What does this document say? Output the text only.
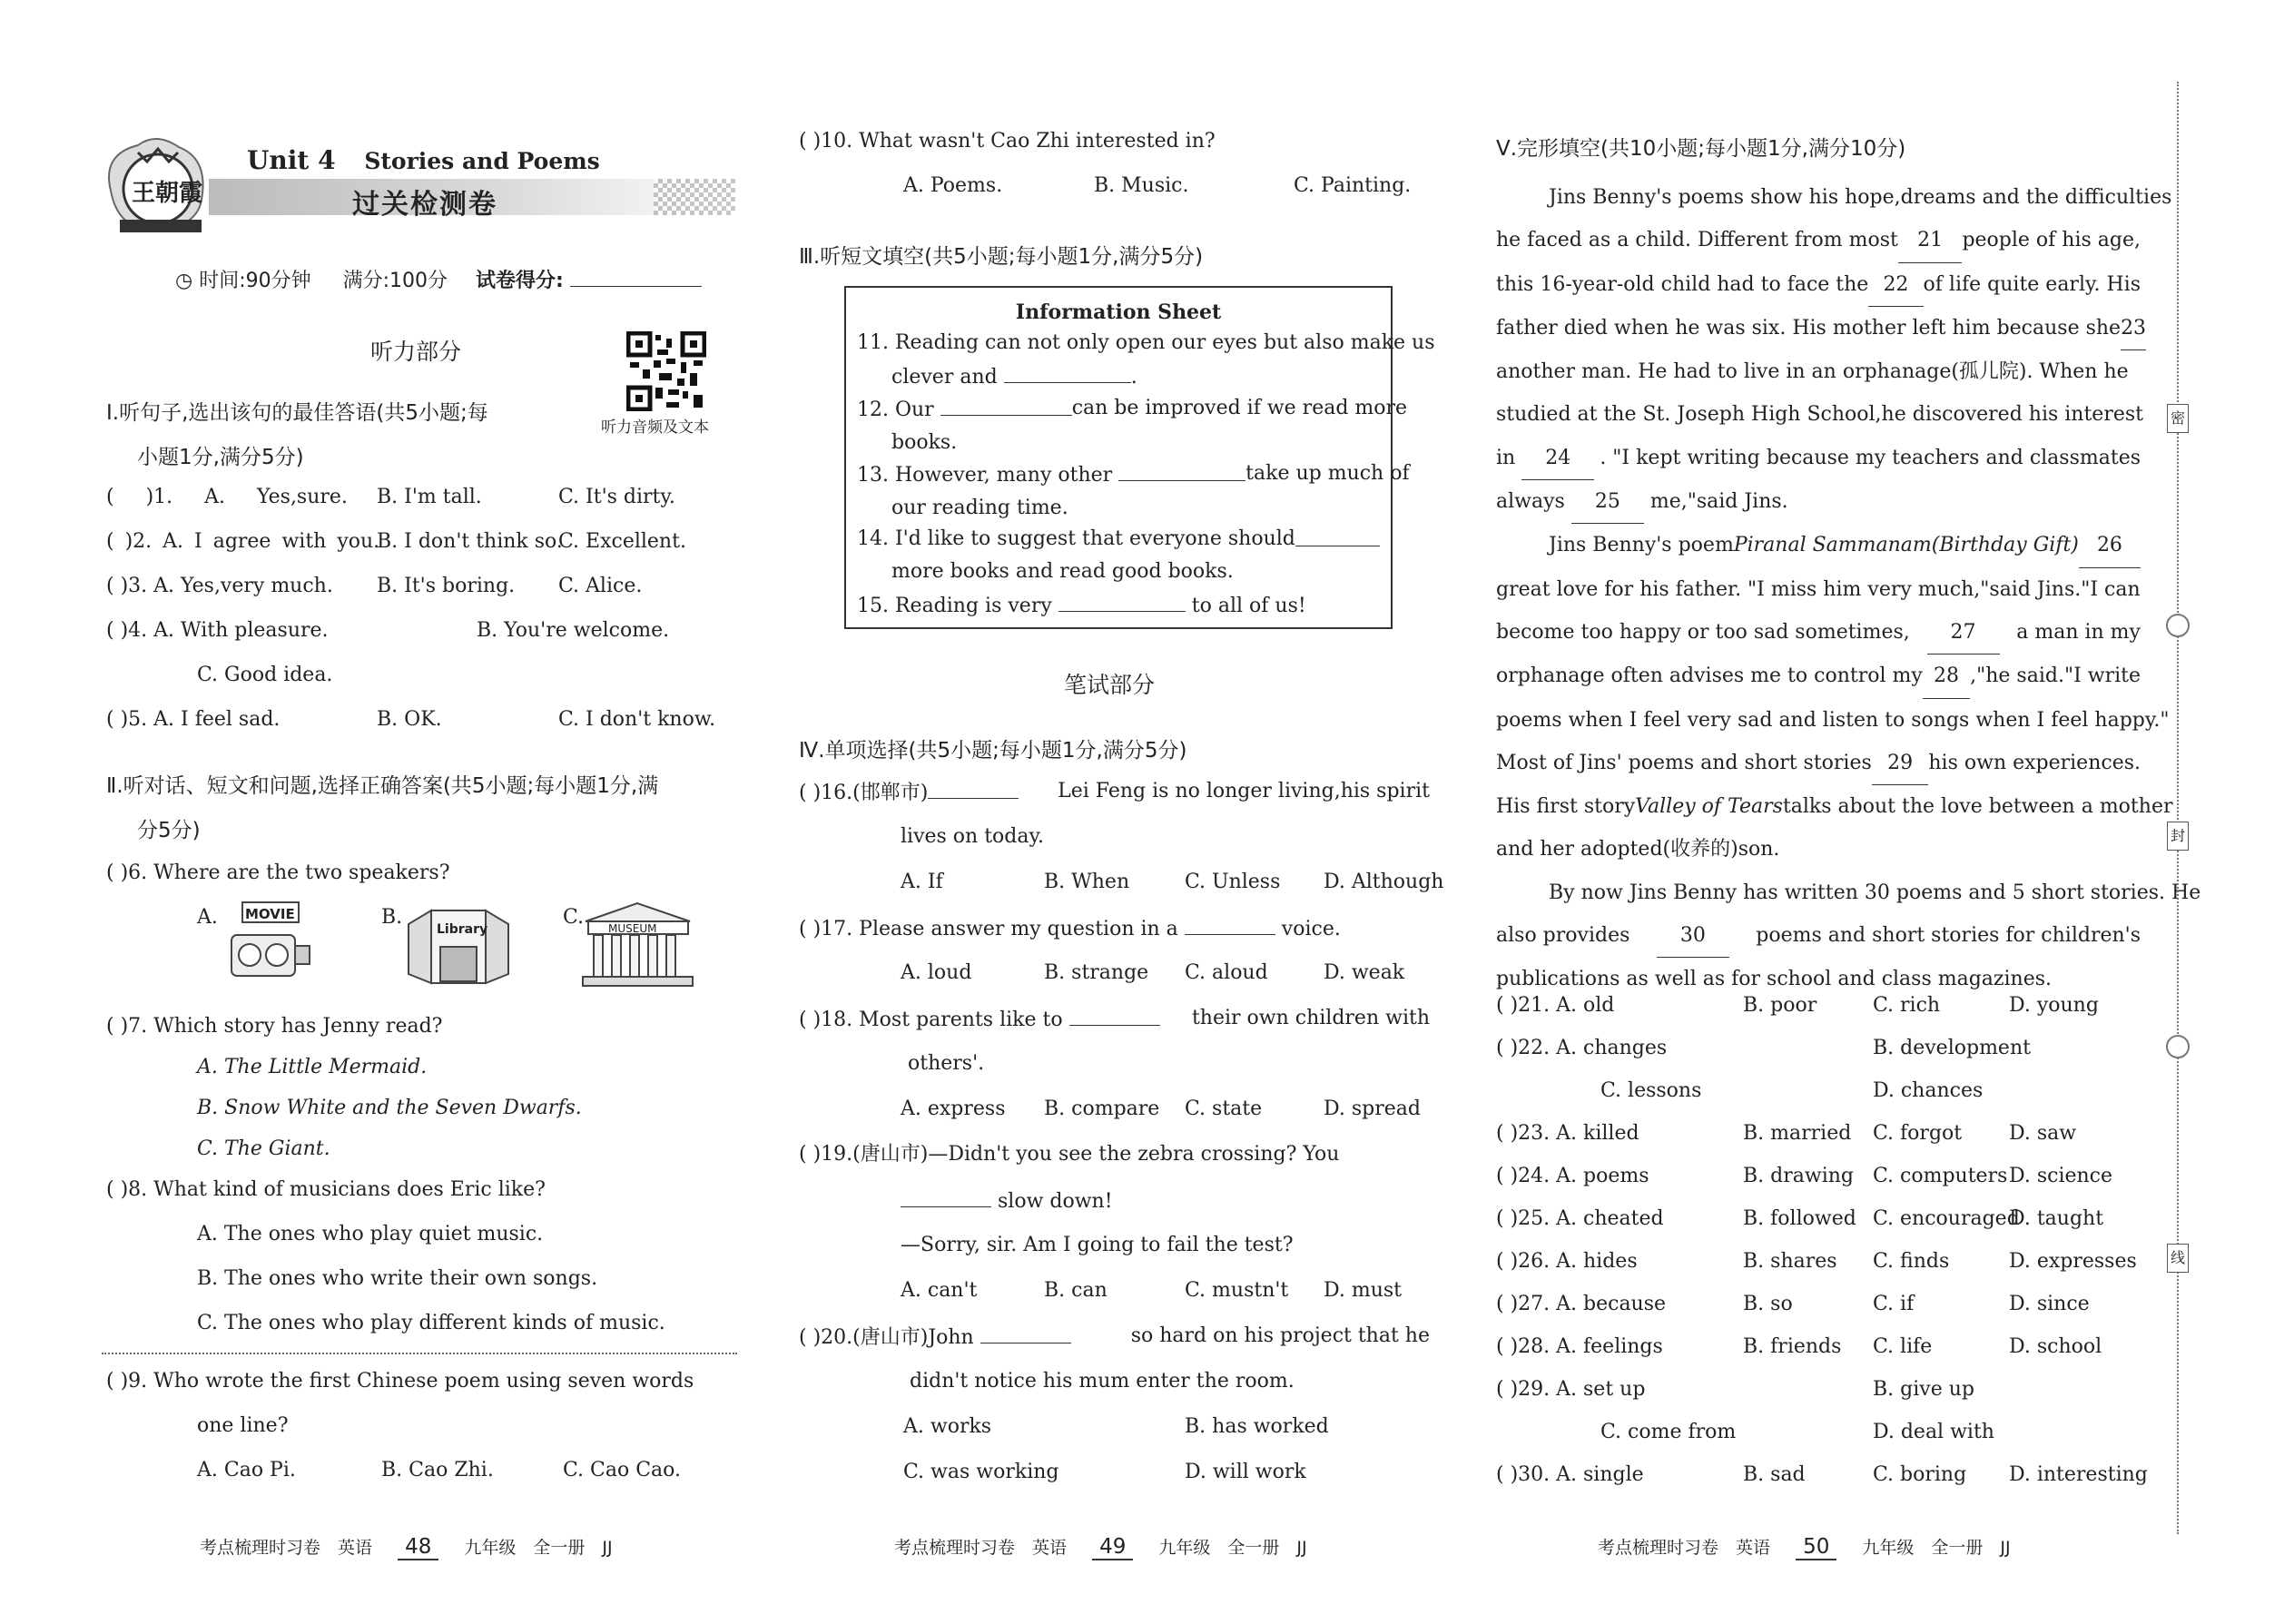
王朝霞
Unit 4 Stories and Poems
过关检测卷
◷ 时间:90分钟 满分:100分 试卷得分:
听力部分
听力音频及文本
Ⅰ.听句子,选出该句的最佳答语(共5小题;每
小题1分,满分5分)
( )1. A. Yes,sure. B. I'm tall.	C. It's dirty.
( )2. A. I agree with you.
B. I don't think so.
C. Excellent.
( )3. A. Yes,very much. B. It's boring. C. Alice.
( )4. A. With pleasure.	B. You're welcome.
C. Good idea.
( )5. A. I feel sad.	B. OK.	C. I don't know.
Ⅱ.听对话、短文和问题,选择正确答案(共5小题;每小题1分,满
分5分)
( )6. Where are the two speakers?
A.	B.	C.
MOVIE
Library	MUSEUM
( )7. Which story has Jenny read?
A. The Little Mermaid.
B. Snow White and the Seven Dwarfs.
C. The Giant.
( )8. What kind of musicians does Eric like?
A. The ones who play quiet music.
B. The ones who write their own songs.
C. The ones who play different kinds of music.
( )9. Who wrote the first Chinese poem using seven words
one line?
A. Cao Pi.	B. Cao Zhi.	C. Cao Cao.
考点梳理时习卷　英语 48 九年级　全一册　JJ
( )10. What wasn't Cao Zhi interested in?
A. Poems.	B. Music.	C. Painting.
Ⅲ.听短文填空(共5小题;每小题1分,满分5分)
Information Sheet
11. Reading can not only open our eyes but also make us
clever and	.
12. Our	can be improved if we read more
books.
13. However, many other	take up much of
our reading time.
14. I'd like to suggest that everyone should
more books and read good books.
15. Reading is very	to all of us!
笔试部分
Ⅳ.单项选择(共5小题;每小题1分,满分5分)
( )16.(邯郸市)	Lei Feng is no longer living,his spirit
lives on today.
A. If	B. When	C. Unless D. Although
( )17. Please answer my question in a	voice.
A. loud	B. strange C. aloud	D. weak
( )18. Most parents like to	their own children with
others'.
A. express B. compare C. state	D. spread
( )19.(唐山市)—Didn't you see the zebra crossing? You
slow down!
—Sorry, sir. Am I going to fail the test?
A. can't	B. can	C. mustn't D. must
( )20.(唐山市)John	so hard on his project that he
didn't notice his mum enter the room.
A. works	B. has worked
C. was working	D. will work
考点梳理时习卷　英语 49 九年级　全一册　JJ
Ⅴ.完形填空(共10小题;每小题1分,满分10分)
Jins Benny's poems show his hope,dreams and the difficulties
he faced as a child. Different from most 21 people of his age,
this 16-year-old child had to face the 22 of life quite early. His
father died when he was six. His mother left him because she 23
another man. He had to live in an orphanage(孤儿院). When he
studied at the St. Joseph High School,he discovered his interest
in 24	. "I kept writing because my teachers and classmates
always 25 me,"said Jins.
Jins Benny's poem Piranal Sammanam(Birthday Gift) 26
great love for his father. "I miss him very much,"said Jins."I can
become too happy or too sad sometimes,	27	a man in my
orphanage often advises me to control my 28 ,"he said."I write
poems when I feel very sad and listen to songs when I feel happy."
Most of Jins' poems and short stories 29 his own experiences.
His first story Valley of Tears talks about the love between a mother
and her adopted(收养的)son.
By now Jins Benny has written 30 poems and 5 short stories. He
also provides	30	poems and short stories for children's
publications as well as for school and class magazines.
( )21. A. old	B. poor	C. rich	D. young
( )22. A. changes	B. development
C. lessons	D. chances
( )23. A. killed	B. married C. forgot D. saw
( )24. A. poems	B. drawing C. computers D. science
( )25. A. cheated	B. followed C. encouraged
D. taught
( )26. A. hides	B. shares C. finds	D. expresses
( )27. A. because	B. so	C. if	D. since
( )28. A. feelings	B. friends C. life	D. school
( )29. A. set up	B. give up
C. come from	D. deal with
( )30. A. single	B. sad	C. boring D. interesting
考点梳理时习卷　英语 50 九年级　全一册　JJ
密
封
线
